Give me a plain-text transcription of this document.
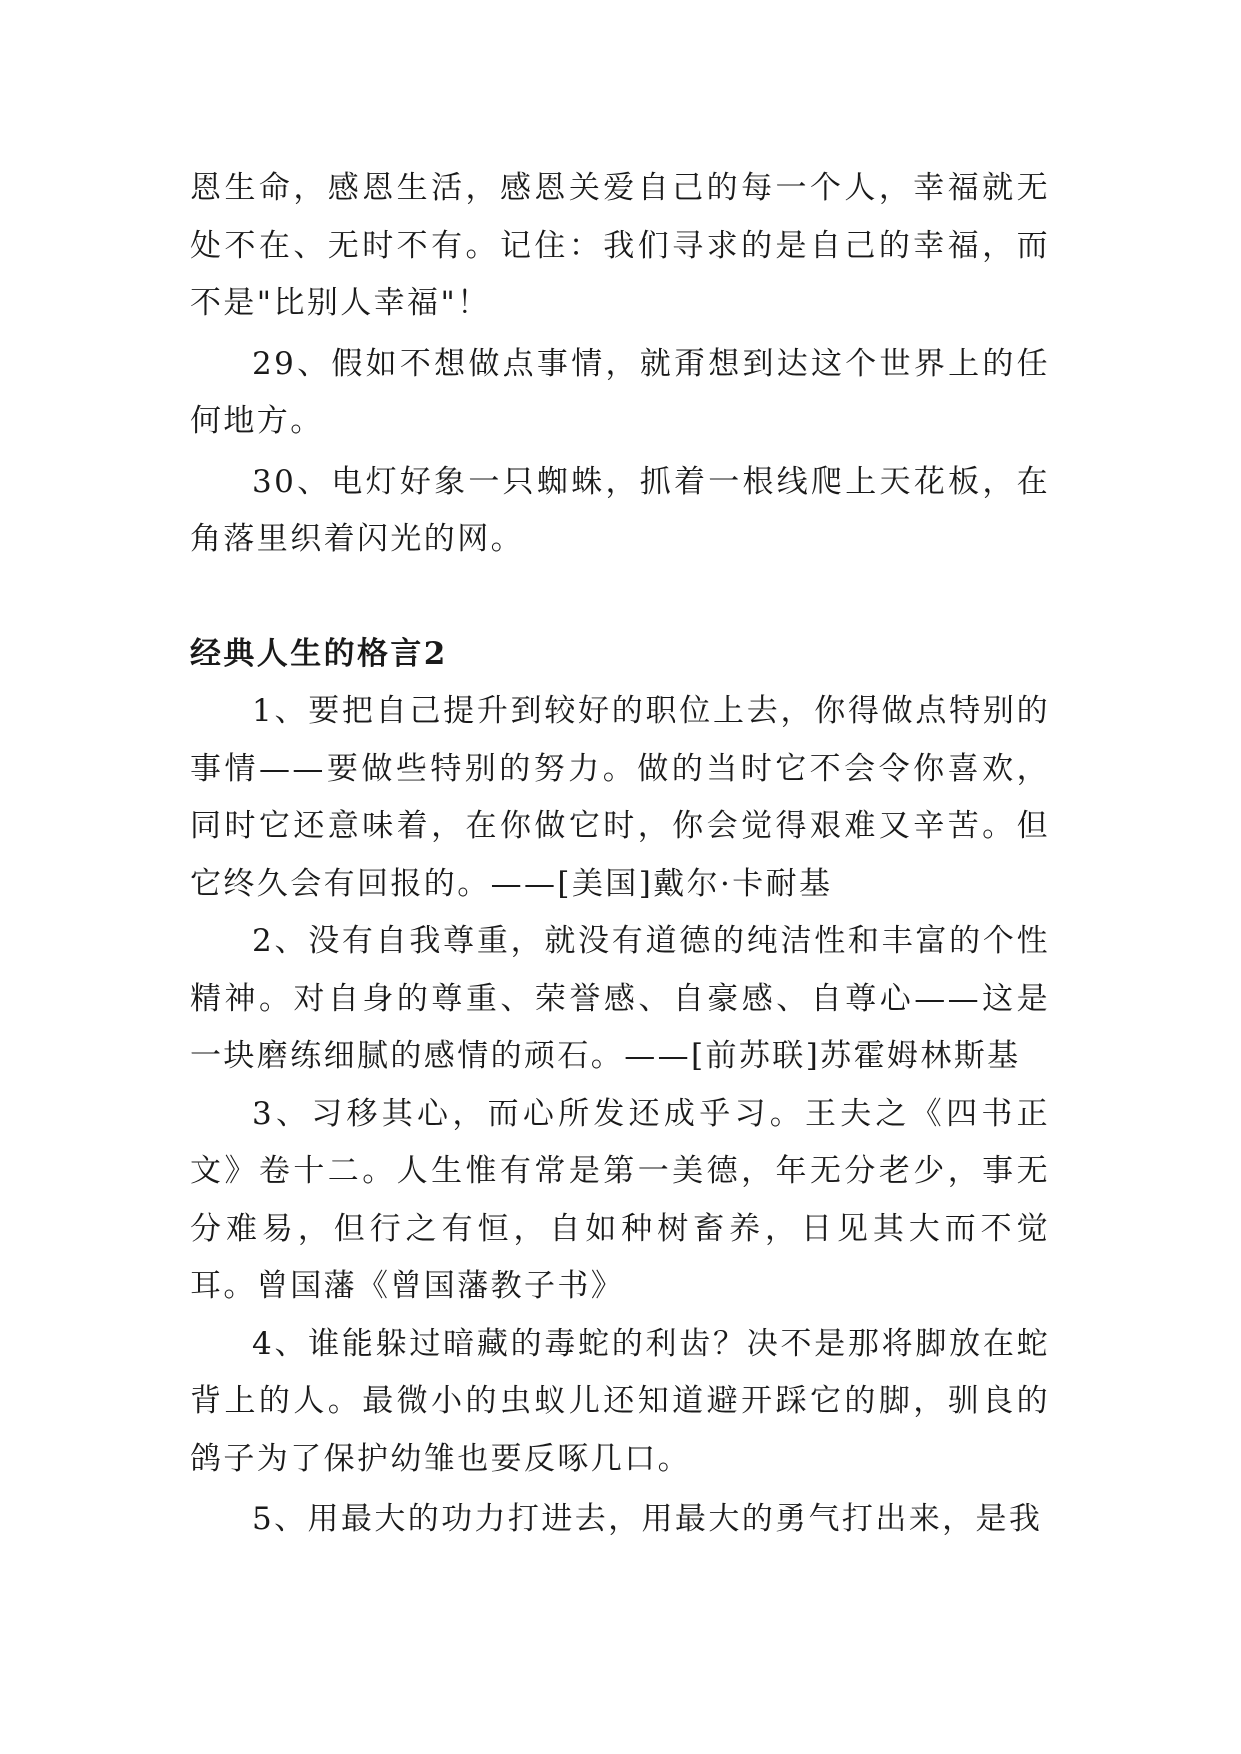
恩生命，感恩生活，感恩关爱自己的每一个人，幸福就无处不在、无时不有。记住：我们寻求的是自己的幸福，而不是"比别人幸福"！

29、假如不想做点事情，就甭想到达这个世界上的任何地方。

30、电灯好象一只蜘蛛，抓着一根线爬上天花板，在角落里织着闪光的网。

经典人生的格言2

1、要把自己提升到较好的职位上去，你得做点特别的事情——要做些特别的努力。做的当时它不会令你喜欢，同时它还意味着，在你做它时，你会觉得艰难又辛苦。但它终久会有回报的。——[美国]戴尔·卡耐基

2、没有自我尊重，就没有道德的纯洁性和丰富的个性精神。对自身的尊重、荣誉感、自豪感、自尊心——这是一块磨练细腻的感情的顽石。——[前苏联]苏霍姆林斯基

3、习移其心，而心所发还成乎习。王夫之《四书正文》卷十二。人生惟有常是第一美德，年无分老少，事无分难易，但行之有恒，自如种树畜养，日见其大而不觉耳。曾国藩《曾国藩教子书》

4、谁能躲过暗藏的毒蛇的利齿？决不是那将脚放在蛇背上的人。最微小的虫蚁儿还知道避开踩它的脚，驯良的鸽子为了保护幼雏也要反啄几口。

5、用最大的功力打进去，用最大的勇气打出来，是我
